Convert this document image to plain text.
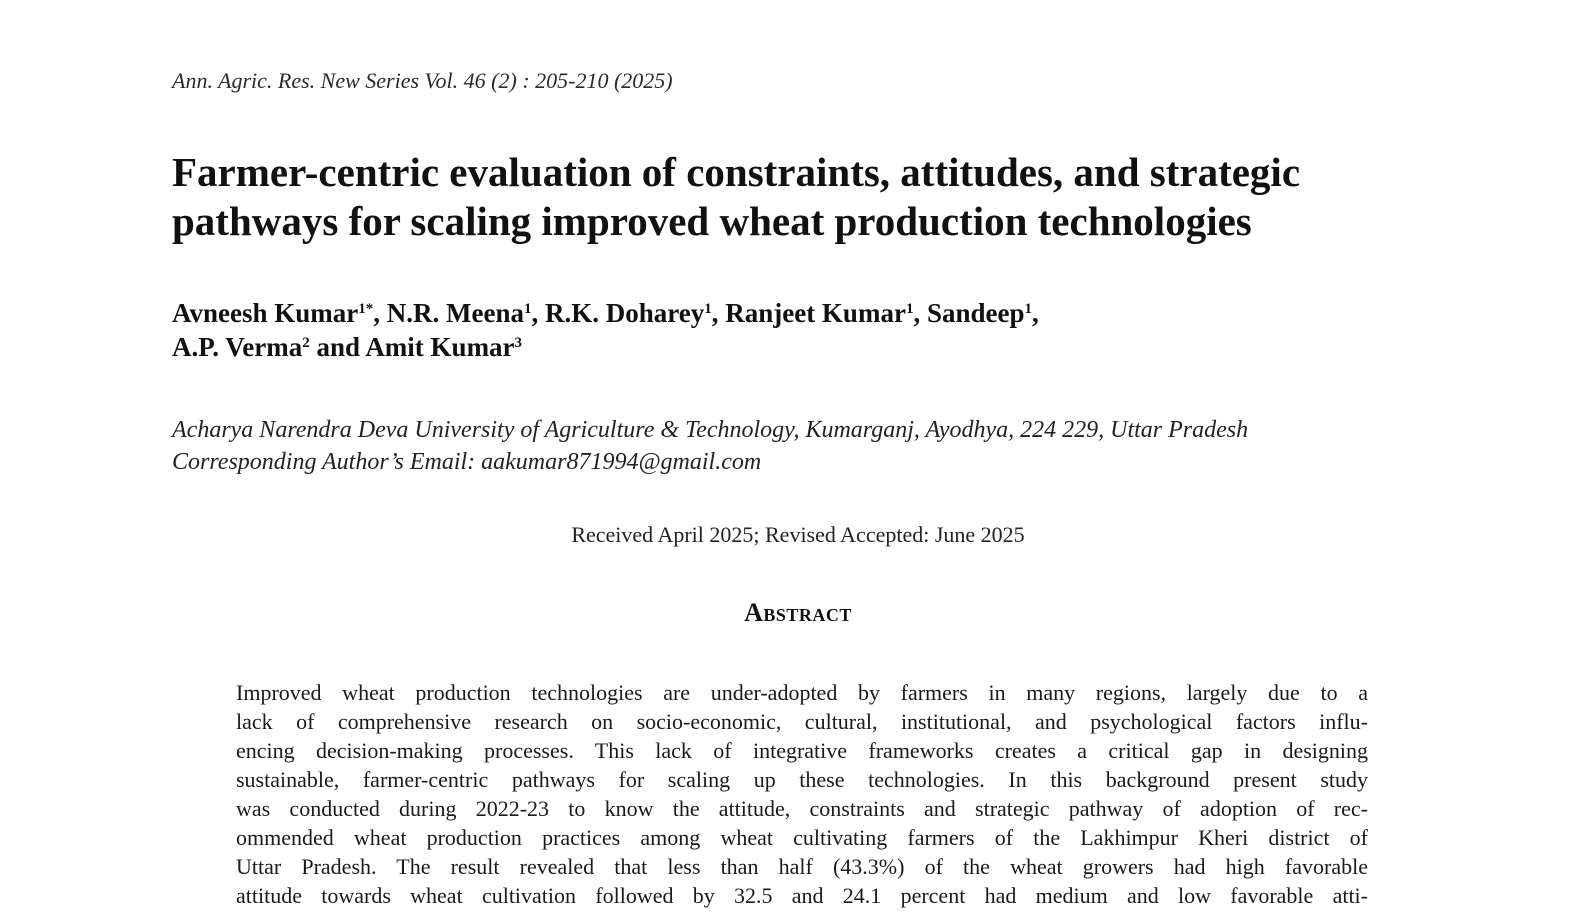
Ann. Agric. Res. New Series Vol. 46 (2) : 205-210 (2025)
Farmer-centric evaluation of constraints, attitudes, and strategic
pathways for scaling improved wheat production technologies
Avneesh Kumar$^{1*}$, N.R. Meena$^1$, R.K. Doharey$^1$, Ranjeet Kumar$^1$, Sandeep$^1$,
A.P. Verma$^2$ and Amit Kumar$^3$
Acharya Narendra Deva University of Agriculture & Technology, Kumarganj, Ayodhya, 224 229, Uttar Pradesh
Corresponding Author’s Email: aakumar871994@gmail.com
Received April 2025; Revised Accepted: June 2025
Abstract
Improved wheat production technologies are under-adopted by farmers in many regions, largely due to a
lack of comprehensive research on socio-economic, cultural, institutional, and psychological factors influ-
encing decision-making processes. This lack of integrative frameworks creates a critical gap in designing
sustainable, farmer-centric pathways for scaling up these technologies. In this background present study
was conducted during 2022-23 to know the attitude, constraints and strategic pathway of adoption of rec-
ommended wheat production practices among wheat cultivating farmers of the Lakhimpur Kheri district of
Uttar Pradesh. The result revealed that less than half (43.3%) of the wheat growers had high favorable
attitude towards wheat cultivation followed by 32.5 and 24.1 percent had medium and low favorable atti-
